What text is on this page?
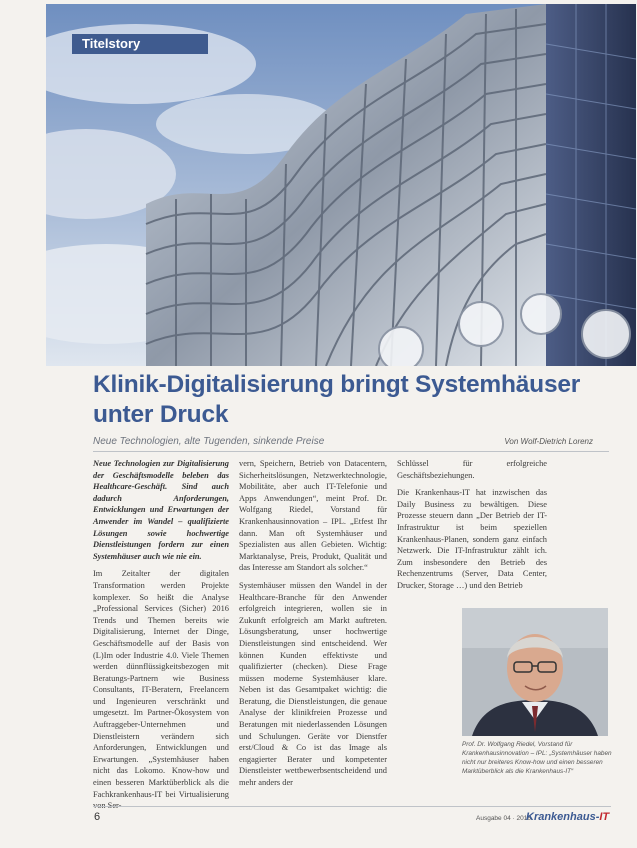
Titelstory
Klinik-Digitalisierung bringt Systemhäuser
unter Druck
Neue Technologien, alte Tugenden, sinkende Preise	Von Wolf-Dietrich Lorenz

Neue Technologien zur Digitalisierung der Geschäftsmodelle beleben das Healthcare-Geschäft. Sind auch dadurch Anforderungen, Entwicklungen und Erwartungen der Anwender im Wandel – qualifizierte Lösungen sowie hochwertige Dienstleistungen fordern zur einen Systemhäuser auch wie nie ein.

Im Zeitalter der digitalen Transformation werden Projekte komplexer. So heißt die Analyse „Professional Services (Sicher) 2016 Trends und Themen bereits wie Digitalisierung, Internet der Dinge, Geschäftsmodelle auf der Basis von (L)Im oder Industrie 4.0. Viele Themen werden dünnflüssigkeitsbezogen mit Beratungs-Partnern wie Business Consultants, IT-Beratern, Freelancern und Ingenieuren verschränkt und umgesetzt. Im Partner-Ökosystem von Auftraggeber-Unternehmen und Dienstleistern verändern sich Anforderungen, Entwicklungen und Erwartungen. „Systemhäuser haben nicht das Lokomo. Know-how und einen besseren Marktüberblick als die Fachkrankenhaus-IT bei Virtualisierung

vern, Speichern, Betrieb von Datacentern, Sicherheitslösungen, Netzwerktechnologie, Mobilitäte, aber auch IT-Telefonie und Apps Anwendungen“, meint Prof. Dr. Wolfgang Riedel, Vorstand für Krankenhausinnovation – IPL. „Etfest Ihr dann. Man oft Systemhäuser und Spezialisten aus allen Gebieten. Wichtig: Marktanalyse, Preis, Produkt, Qualität und das Interesse am Standort als solcher.“

Systemhäuser müssen den Wandel in der Healthcare-Branche für den Anwender erfolgreich integrieren, wollen sie in Zukunft erfolgreich am Markt auftreten. Lösungsberatung, unser hochwertige Dienstleistungen sind entscheidend. Wer können Kunden effektivste und qualifizierter (checken). Diese Frage müssen moderne Systemhäuser klare. Neben ist das Gesamtpaket wichtig: die Beratung, die Dienstleistungen, die genaue Analyse der klinikfreien Prozesse und Beratungen mit niederlassenden Lösungen und Schulungen. Geräte vor Dienstfer erst/Cloud & Co ist das Image als engagierter Berater und kompetenter Dienstleister wettbewerbsentscheidend und mehr anders der

Schlüssel für erfolgreiche Geschäftsbeziehungen.

Die Krankenhaus-IT hat inzwischen das Daily Business zu bewältigen. Diese Prozesse steuern dann „Der Betrieb der IT-Infrastruktur ist beim speziellen Krankenhaus-Planen, sondern ganz einfach Netzwerk. Die IT-Infrastruktur zählt ich. Zum insbesondere den Betrieb des Rechenzentrums (Server, Data Center, Drucker, Storage …) und den Betrieb

Prof. Dr. Wolfgang Riedel, Vorstand für Krankenhausinnovation – IPL: „Systemhäuser haben nicht nur breiteres Know-how und einen besseren Marktüberblick als die Krankenhaus-IT“
6	Ausgabe 04 · 2016
Krankenhaus-IT
